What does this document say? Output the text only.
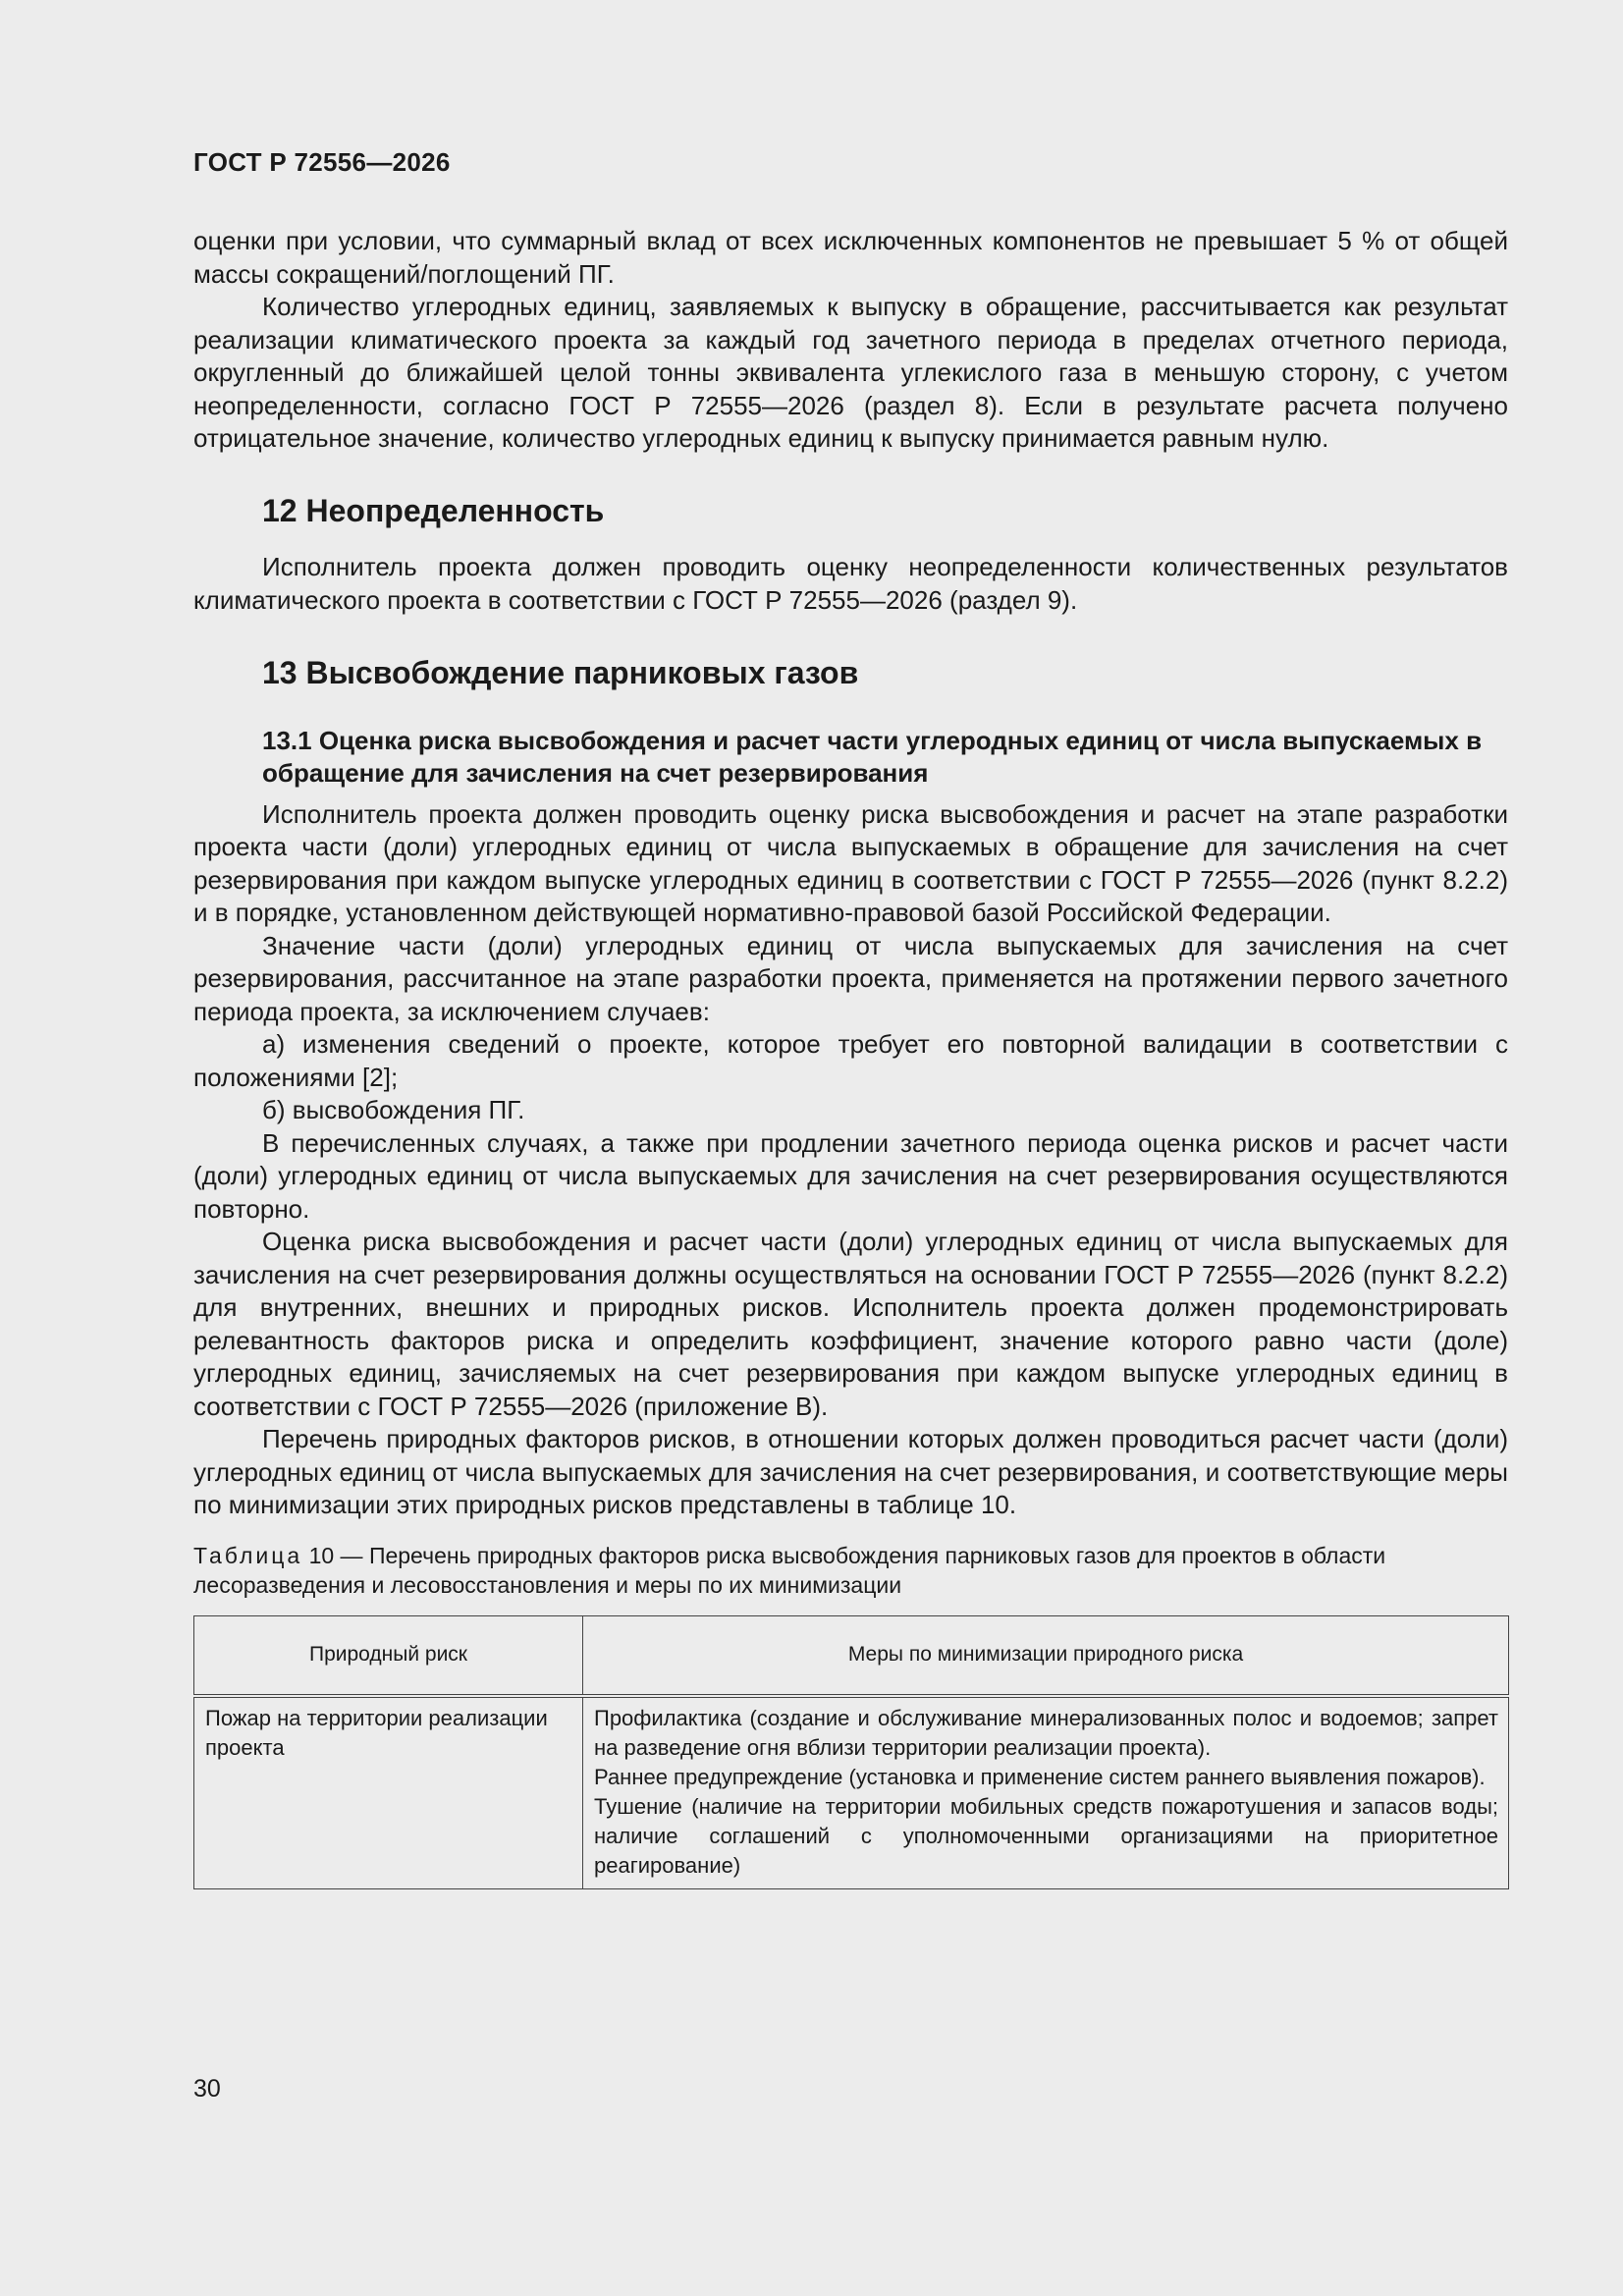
ГОСТ Р 72556—2026

оценки при условии, что суммарный вклад от всех исключенных компонентов не превышает 5 % от общей массы сокращений/поглощений ПГ.

Количество углеродных единиц, заявляемых к выпуску в обращение, рассчитывается как результат реализации климатического проекта за каждый год зачетного периода в пределах отчетного периода, округленный до ближайшей целой тонны эквивалента углекислого газа в меньшую сторону, с учетом неопределенности, согласно ГОСТ Р 72555—2026 (раздел 8). Если в результате расчета получено отрицательное значение, количество углеродных единиц к выпуску принимается равным нулю.

12 Неопределенность

Исполнитель проекта должен проводить оценку неопределенности количественных результатов климатического проекта в соответствии с ГОСТ Р 72555—2026 (раздел 9).

13 Высвобождение парниковых газов
13.1 Оценка риска высвобождения и расчет части углеродных единиц от числа выпускаемых в обращение для зачисления на счет резервирования

Исполнитель проекта должен проводить оценку риска высвобождения и расчет на этапе разработки проекта части (доли) углеродных единиц от числа выпускаемых в обращение для зачисления на счет резервирования при каждом выпуске углеродных единиц в соответствии с ГОСТ Р 72555—2026 (пункт 8.2.2) и в порядке, установленном действующей нормативно-правовой базой Российской Федерации.

Значение части (доли) углеродных единиц от числа выпускаемых для зачисления на счет резервирования, рассчитанное на этапе разработки проекта, применяется на протяжении первого зачетного периода проекта, за исключением случаев:

а) изменения сведений о проекте, которое требует его повторной валидации в соответствии с положениями [2];

б) высвобождения ПГ.

В перечисленных случаях, а также при продлении зачетного периода оценка рисков и расчет части (доли) углеродных единиц от числа выпускаемых для зачисления на счет резервирования осуществляются повторно.

Оценка риска высвобождения и расчет части (доли) углеродных единиц от числа выпускаемых для зачисления на счет резервирования должны осуществляться на основании ГОСТ Р 72555—2026 (пункт 8.2.2) для внутренних, внешних и природных рисков. Исполнитель проекта должен продемонстрировать релевантность факторов риска и определить коэффициент, значение которого равно части (доле) углеродных единиц, зачисляемых на счет резервирования при каждом выпуске углеродных единиц в соответствии с ГОСТ Р 72555—2026 (приложение В).

Перечень природных факторов рисков, в отношении которых должен проводиться расчет части (доли) углеродных единиц от числа выпускаемых для зачисления на счет резервирования, и соответствующие меры по минимизации этих природных рисков представлены в таблице 10.

Таблица 10 — Перечень природных факторов риска высвобождения парниковых газов для проектов в области лесоразведения и лесовосстановления и меры по их минимизации

Природный риск	Меры по минимизации природного риска
Пожар на территории реализации проекта	Профилактика (создание и обслуживание минерализованных полос и водоемов; запрет на разведение огня вблизи территории реализации проекта).
Раннее предупреждение (установка и применение систем раннего выявления пожаров).
Тушение (наличие на территории мобильных средств пожаротушения и запасов воды; наличие соглашений с уполномоченными организациями на приоритетное реагирование)
30
